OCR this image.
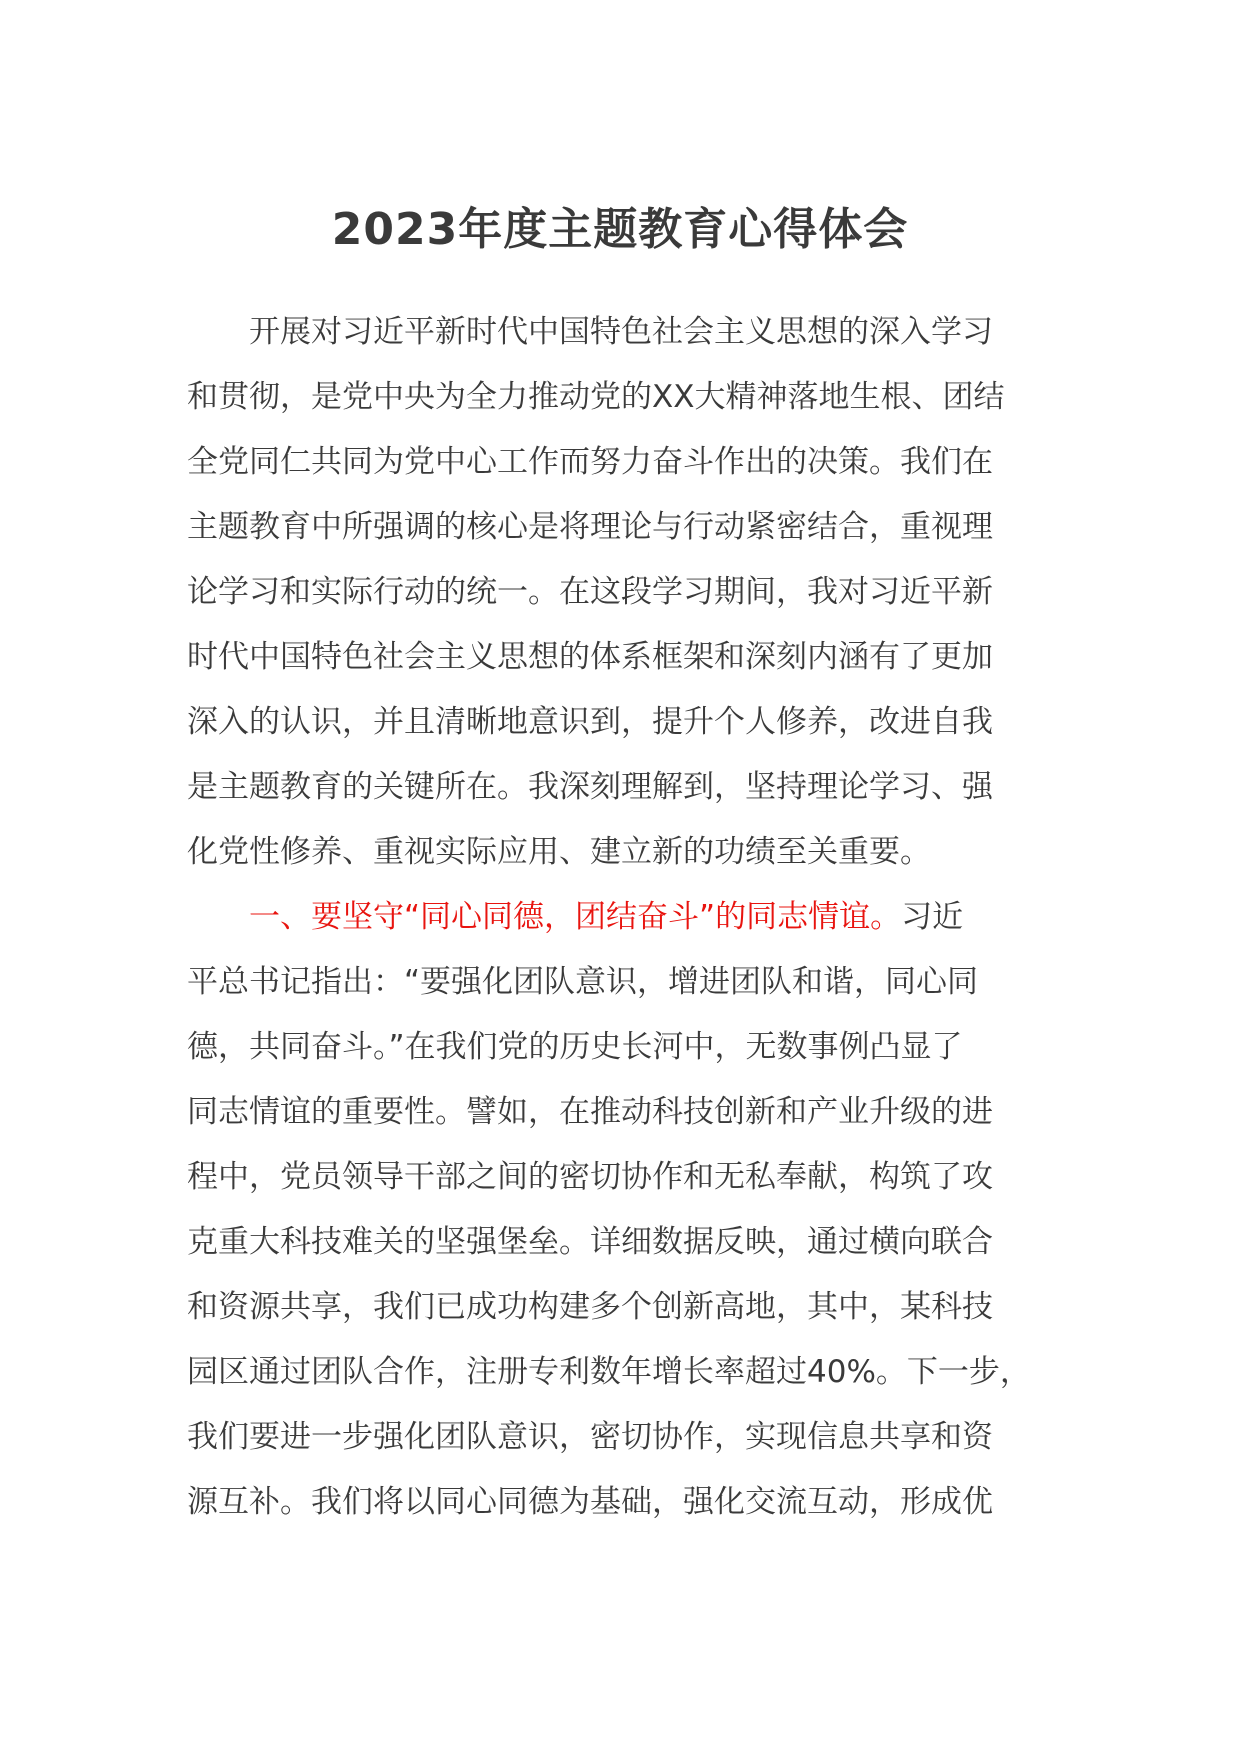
2023年度主题教育心得体会
开展对习近平新时代中国特色社会主义思想的深入学习
和贯彻，是党中央为全力推动党的XX大精神落地生根、团结
全党同仁共同为党中心工作而努力奋斗作出的决策。我们在
主题教育中所强调的核心是将理论与行动紧密结合，重视理
论学习和实际行动的统一。在这段学习期间，我对习近平新
时代中国特色社会主义思想的体系框架和深刻内涵有了更加
深入的认识，并且清晰地意识到，提升个人修养，改进自我
是主题教育的关键所在。我深刻理解到，坚持理论学习、强
化党性修养、重视实际应用、建立新的功绩至关重要。
一、要坚守“同心同德，团结奋斗”的同志情谊。习近
平总书记指出：“要强化团队意识，增进团队和谐，同心同
德，共同奋斗。”在我们党的历史长河中，无数事例凸显了
同志情谊的重要性。譬如，在推动科技创新和产业升级的进
程中，党员领导干部之间的密切协作和无私奉献，构筑了攻
克重大科技难关的坚强堡垒。详细数据反映，通过横向联合
和资源共享，我们已成功构建多个创新高地，其中，某科技
园区通过团队合作，注册专利数年增长率超过40%。下一步，
我们要进一步强化团队意识，密切协作，实现信息共享和资
源互补。我们将以同心同德为基础，强化交流互动，形成优
